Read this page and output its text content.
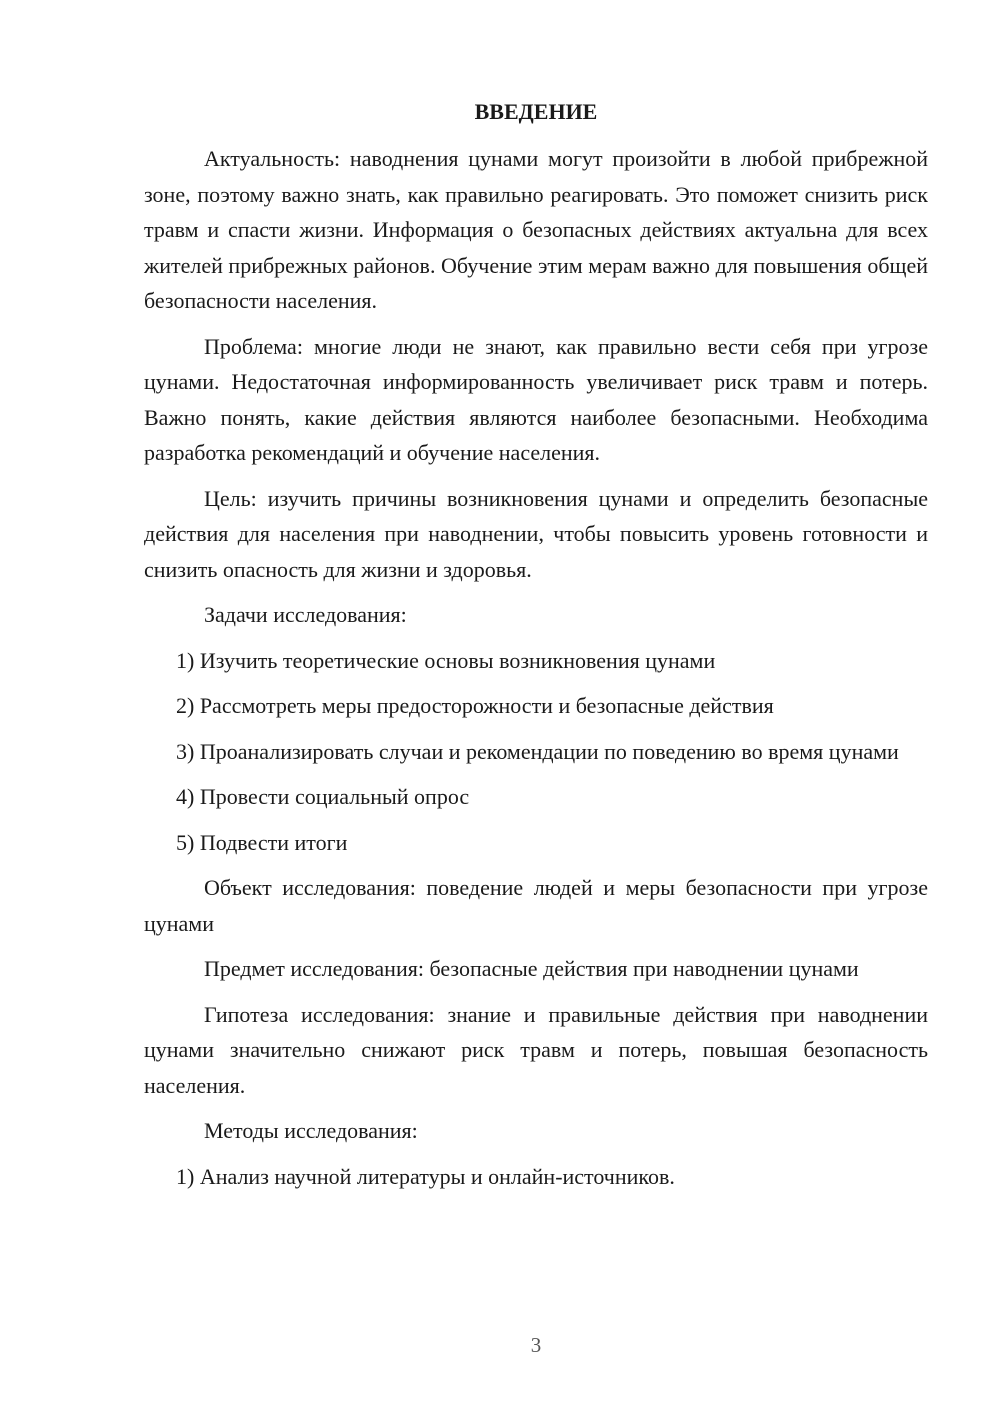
ВВЕДЕНИЕ

Актуальность: наводнения цунами могут произойти в любой прибрежной зоне, поэтому важно знать, как правильно реагировать. Это поможет снизить риск травм и спасти жизни. Информация о безопасных действиях актуальна для всех жителей прибрежных районов. Обучение этим мерам важно для повышения общей безопасности населения.

Проблема: многие люди не знают, как правильно вести себя при угрозе цунами. Недостаточная информированность увеличивает риск травм и потерь. Важно понять, какие действия являются наиболее безопасными. Необходима разработка рекомендаций и обучение населения.

Цель: изучить причины возникновения цунами и определить безопасные действия для населения при наводнении, чтобы повысить уровень готовности и снизить опасность для жизни и здоровья.

Задачи исследования:

1) Изучить теоретические основы возникновения цунами

2) Рассмотреть меры предосторожности и безопасные действия

3) Проанализировать случаи и рекомендации по поведению во время цунами

4) Провести социальный опрос

5) Подвести итоги

Объект исследования: поведение людей и меры безопасности при угрозе цунами

Предмет исследования: безопасные действия при наводнении цунами

Гипотеза исследования: знание и правильные действия при наводнении цунами значительно снижают риск травм и потерь, повышая безопасность населения.

Методы исследования:

1) Анализ научной литературы и онлайн-источников.

3
